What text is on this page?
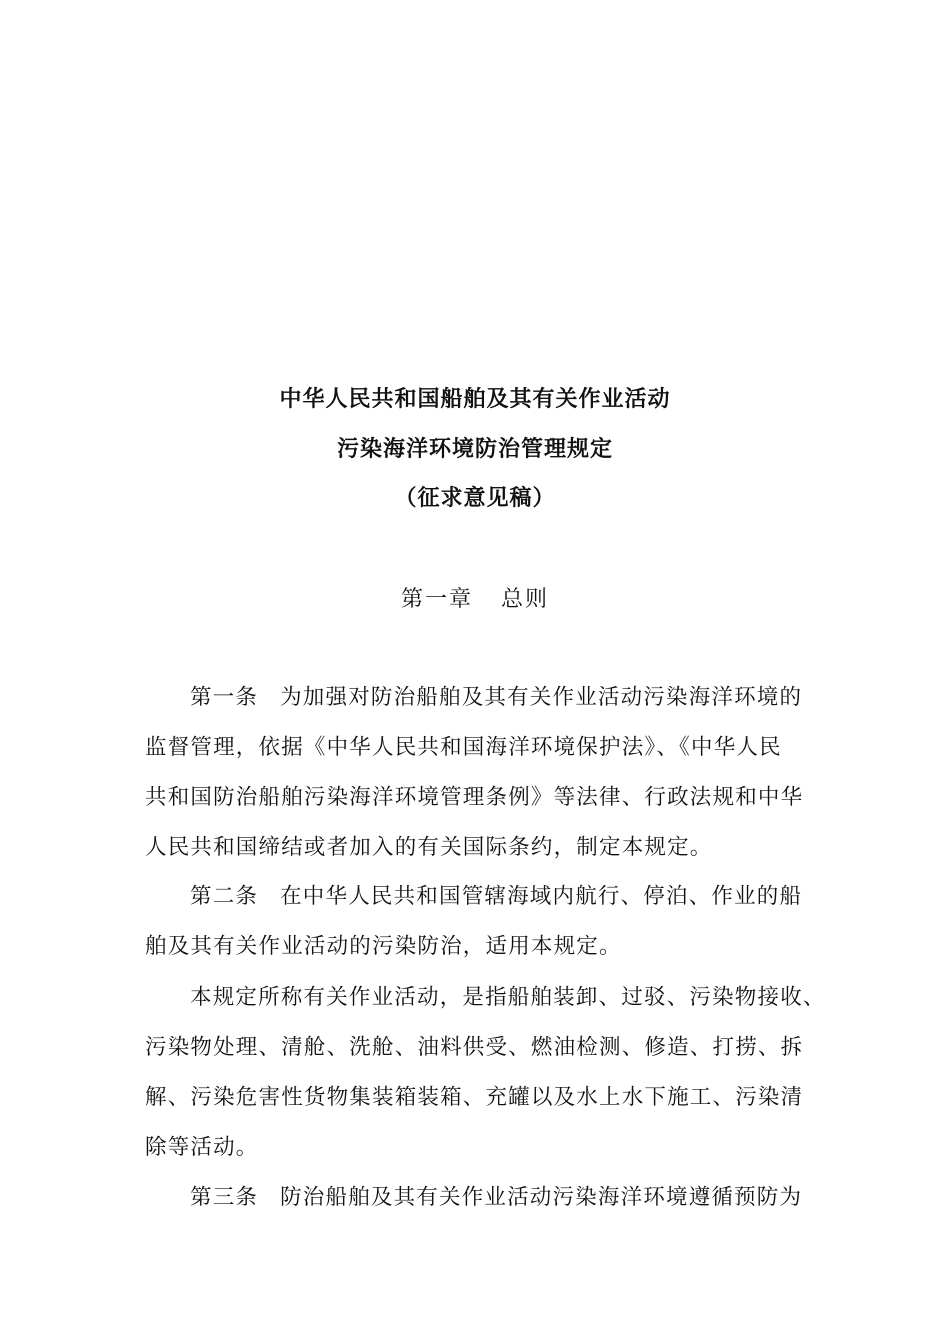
中华人民共和国船舶及其有关作业活动
污染海洋环境防治管理规定
（征求意见稿）
第一章 总则
第一条 为加强对防治船舶及其有关作业活动污染海洋环境的
监督管理，依据《中华人民共和国海洋环境保护法》、《中华人民
共和国防治船舶污染海洋环境管理条例》等法律、行政法规和中华
人民共和国缔结或者加入的有关国际条约，制定本规定。
第二条 在中华人民共和国管辖海域内航行、停泊、作业的船
舶及其有关作业活动的污染防治，适用本规定。
本规定所称有关作业活动，是指船舶装卸、过驳、污染物接收、
污染物处理、清舱、洗舱、油料供受、燃油检测、修造、打捞、拆
解、污染危害性货物集装箱装箱、充罐以及水上水下施工、污染清
除等活动。
第三条 防治船舶及其有关作业活动污染海洋环境遵循预防为
